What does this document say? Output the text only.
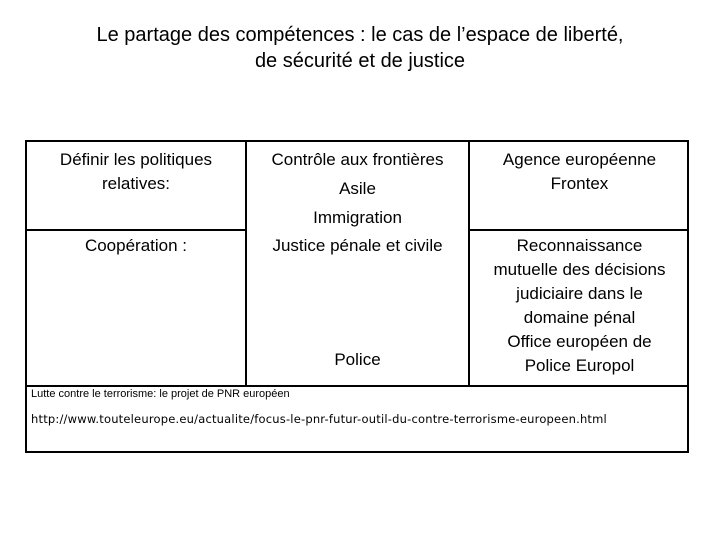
Le partage des compétences : le cas de l’espace de liberté,
de sécurité et de justice
Définir les politiques
relatives:
Contrôle aux frontières
Asile
Immigration
Agence européenne
Frontex
Coopération :	Justice pénale et civile
Police
Reconnaissance
mutuelle des décisions
judiciaire dans le
domaine pénal
Office européen de
Police Europol
Lutte contre le terrorisme: le projet de PNR européen
http://www.touteleurope.eu/actualite/focus-le-pnr-futur-outil-du-contre-terrorisme-europeen.html
